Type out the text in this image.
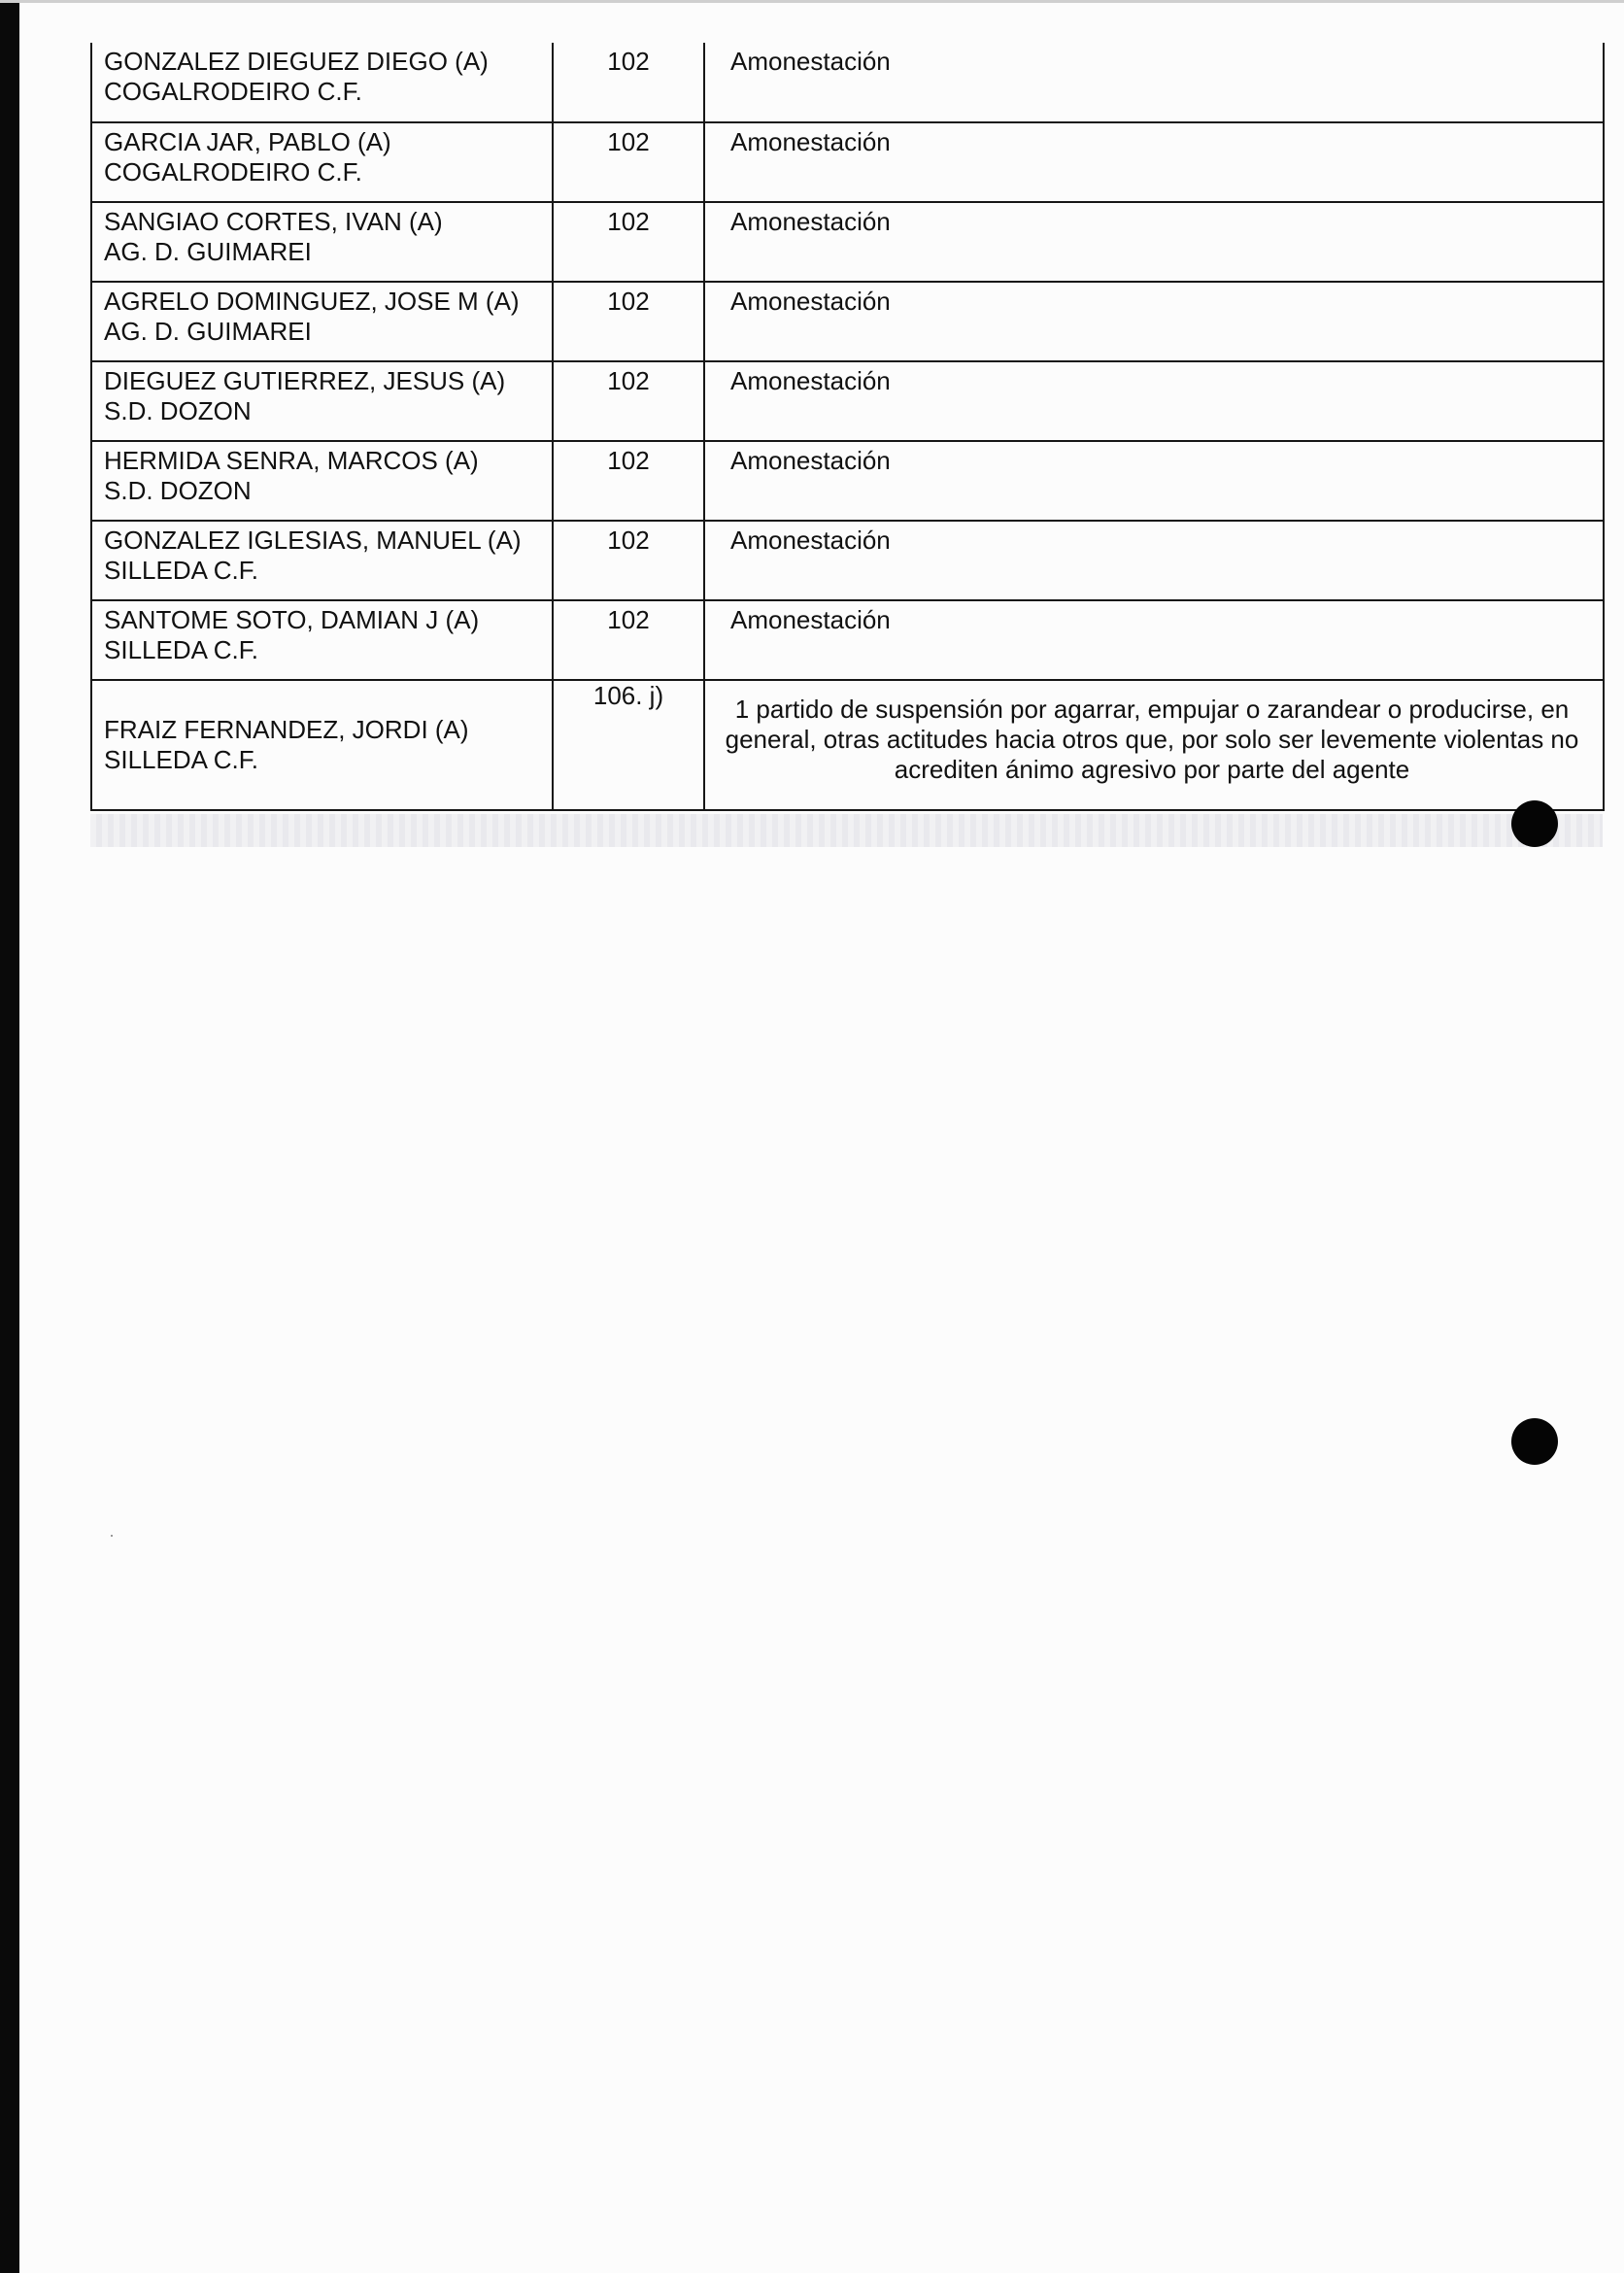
GONZALEZ DIEGUEZ DIEGO (A)
COGALRODEIRO C.F.	102	Amonestación

GARCIA JAR, PABLO (A)
COGALRODEIRO C.F.	102	Amonestación

SANGIAO CORTES, IVAN (A)
AG. D. GUIMAREI	102	Amonestación

AGRELO DOMINGUEZ, JOSE M (A)
AG. D. GUIMAREI	102	Amonestación

DIEGUEZ GUTIERREZ, JESUS (A)
S.D. DOZON	102	Amonestación

HERMIDA SENRA, MARCOS (A)
S.D. DOZON	102	Amonestación

GONZALEZ IGLESIAS, MANUEL (A)
SILLEDA C.F.	102	Amonestación

SANTOME SOTO, DAMIAN J (A)
SILLEDA C.F.	102	Amonestación

FRAIZ FERNANDEZ, JORDI (A)
SILLEDA C.F.	106. j)	1 partido de suspensión por agarrar, empujar o zarandear o producirse, en general, otras actitudes hacia otros que, por solo ser levemente violentas no acrediten ánimo agresivo por parte del agente
